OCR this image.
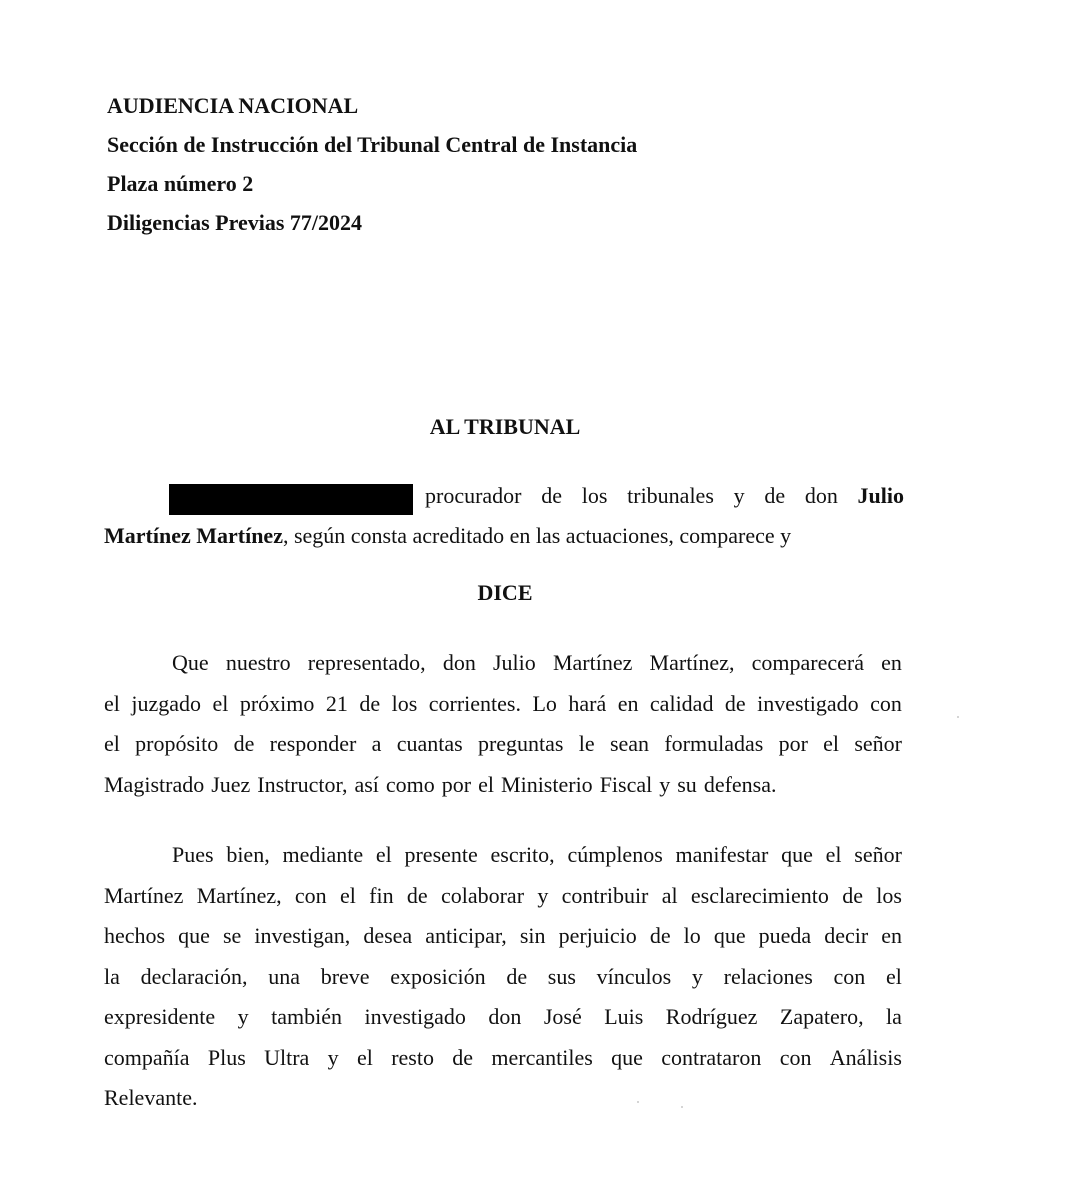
AUDIENCIA NACIONAL
Sección de Instrucción del Tribunal Central de Instancia
Plaza número 2
Diligencias Previas 77/2024
AL TRIBUNAL
procurador de los tribunales y de don Julio
Martínez Martínez, según consta acreditado en las actuaciones, comparece y
DICE
Que nuestro representado, don Julio Martínez Martínez, comparecerá en
el juzgado el próximo 21 de los corrientes. Lo hará en calidad de investigado con
el propósito de responder a cuantas preguntas le sean formuladas por el señor
Magistrado Juez Instructor, así como por el Ministerio Fiscal y su defensa.
Pues bien, mediante el presente escrito, cúmplenos manifestar que el señor
Martínez Martínez, con el fin de colaborar y contribuir al esclarecimiento de los
hechos que se investigan, desea anticipar, sin perjuicio de lo que pueda decir en
la declaración, una breve exposición de sus vínculos y relaciones con el
expresidente y también investigado don José Luis Rodríguez Zapatero, la
compañía Plus Ultra y el resto de mercantiles que contrataron con Análisis
Relevante.
